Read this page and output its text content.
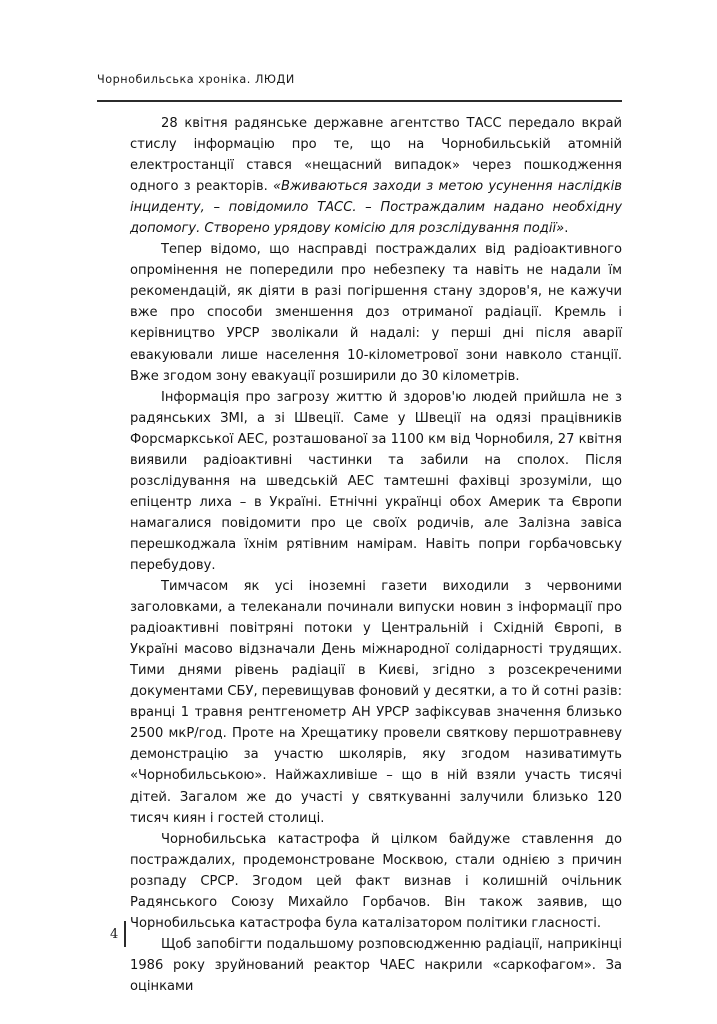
Чорнобильська хроніка. ЛЮДИ

28 квітня радянське державне агентство ТАСС передало вкрай стислу інформацію про те, що на Чорнобильській атомній електростанції стався «нещасний випадок» через пошкодження одного з реакторів. «Вживаються заходи з метою усунення наслідків інциденту, – повідомило ТАСС. – Постраждалим надано необхідну допомогу. Створено урядову комісію для розслідування події».

Тепер відомо, що насправді постраждалих від радіоактивного опромінення не попередили про небезпеку та навіть не надали їм рекомендацій, як діяти в разі погіршення стану здоров'я, не кажучи вже про способи зменшення доз отриманої радіації. Кремль і керівництво УРСР зволікали й надалі: у перші дні після аварії евакуювали лише населення 10-кілометрової зони навколо станції. Вже згодом зону евакуації розширили до 30 кілометрів.

Інформація про загрозу життю й здоров'ю людей прийшла не з радянських ЗМІ, а зі Швеції. Саме у Швеції на одязі працівників Форсмаркської АЕС, розташованої за 1100 км від Чорнобиля, 27 квітня виявили радіоактивні частинки та забили на сполох. Після розслідування на шведській АЕС тамтешні фахівці зрозуміли, що епіцентр лиха – в Україні. Етнічні українці обох Америк та Європи намагалися повідомити про це своїх родичів, але Залізна завіса перешкоджала їхнім рятівним намірам. Навіть попри горбачовську перебудову.

Тимчасом як усі іноземні газети виходили з червоними заголовками, а телеканали починали випуски новин з інформації про радіоактивні повітряні потоки у Центральній і Східній Європі, в Україні масово відзначали День міжнародної солідарності трудящих. Тими днями рівень радіації в Києві, згідно з розсекреченими документами СБУ, перевищував фоновий у десятки, а то й сотні разів: вранці 1 травня рентгенометр АН УРСР зафіксував значення близько 2500 мкР/год. Проте на Хрещатику провели святкову першотравневу демонстрацію за участю школярів, яку згодом називатимуть «Чорнобильською». Найжахливіше – що в ній взяли участь тисячі дітей. Загалом же до участі у святкуванні залучили близько 120 тисяч киян і гостей столиці.

Чорнобильська катастрофа й цілком байдуже ставлення до постраждалих, продемонстроване Москвою, стали однією з причин розпаду СРСР. Згодом цей факт визнав і колишній очільник Радянського Союзу Михайло Горбачов. Він також заявив, що Чорнобильська катастрофа була каталізатором політики гласності.

Щоб запобігти подальшому розповсюдженню радіації, наприкінці 1986 року зруйнований реактор ЧАЕС накрили «саркофагом». За оцінками

4
